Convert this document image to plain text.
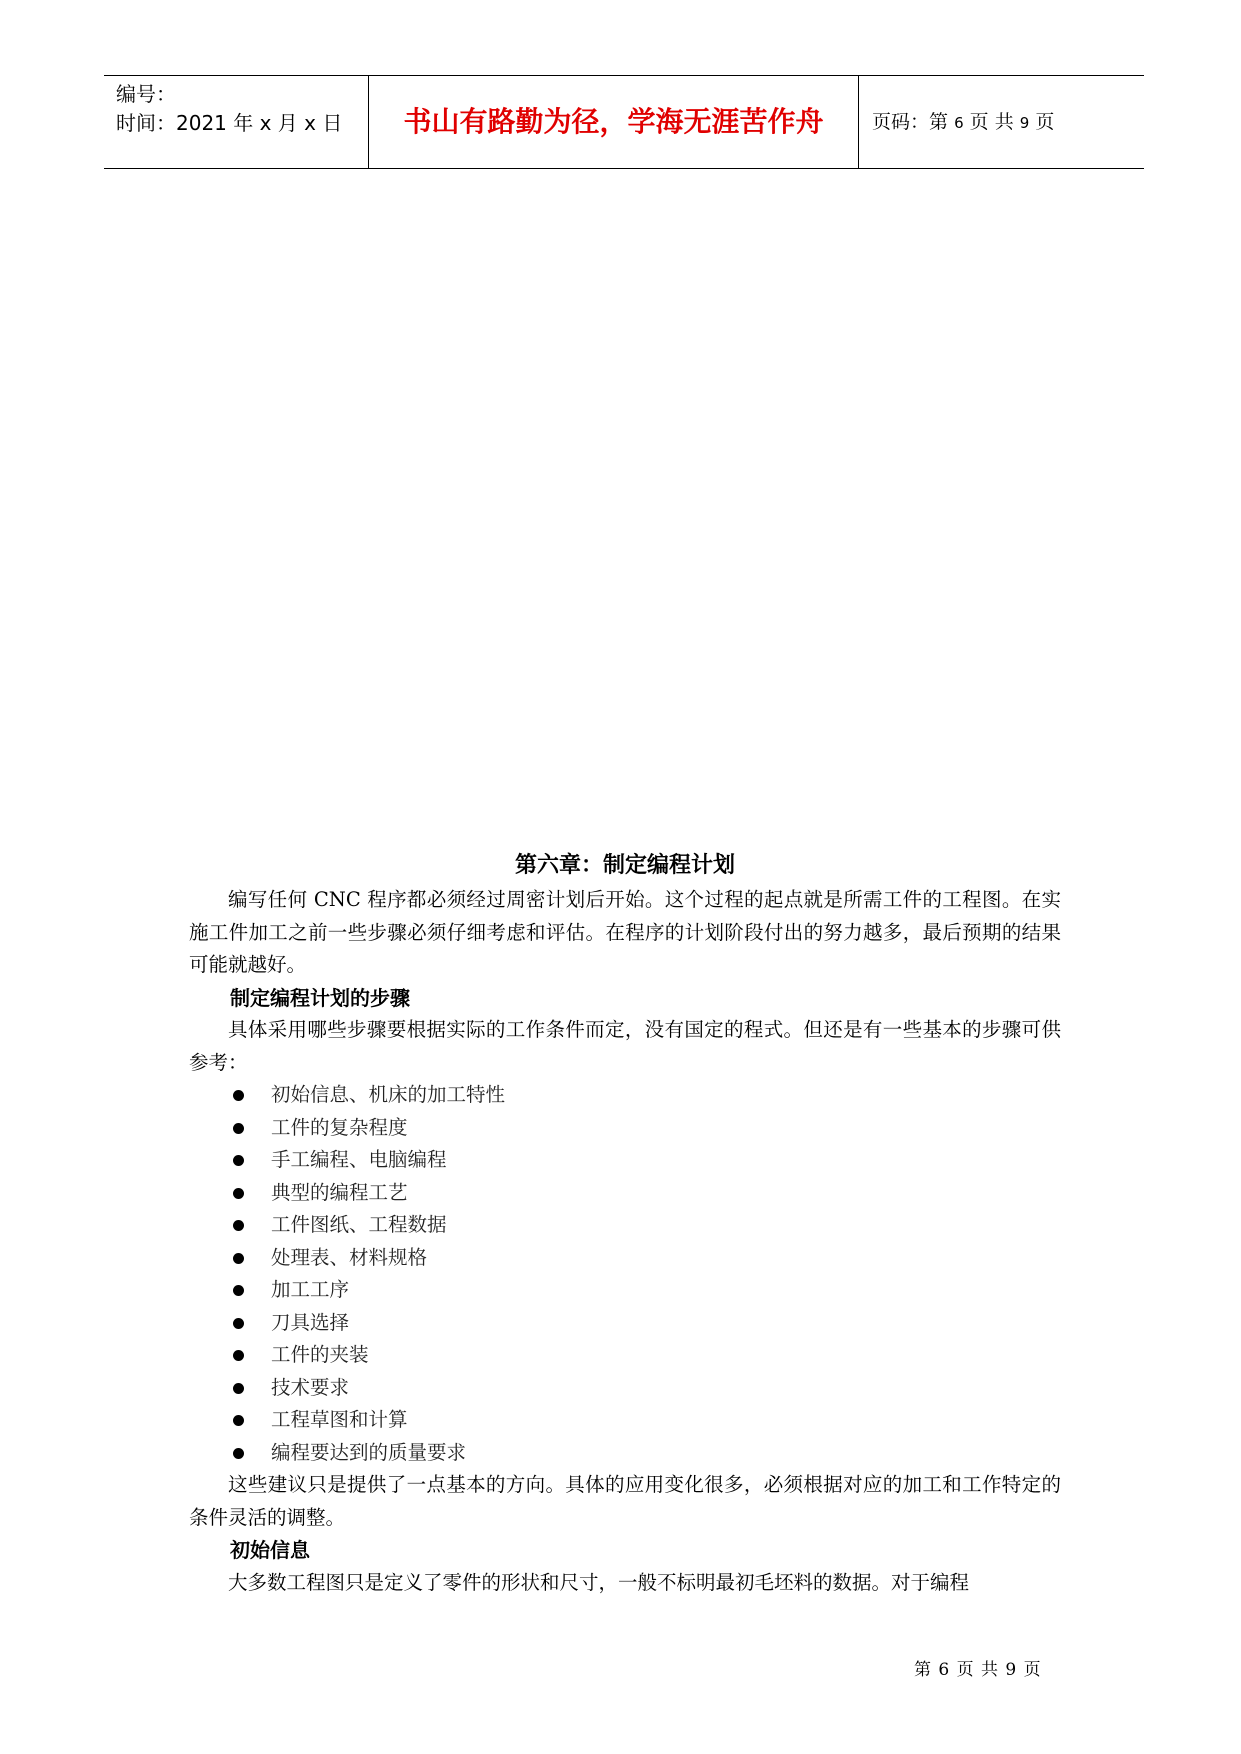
编号：
时间：2021 年 x 月 x 日	书山有路勤为径，学海无涯苦作舟	页码：第 6 页 共 9 页
第六章：制定编程计划

编写任何 CNC 程序都必须经过周密计划后开始。这个过程的起点就是所需工件的工程图。在实施工件加工之前一些步骤必须仔细考虑和评估。在程序的计划阶段付出的努力越多，最后预期的结果可能就越好。

制定编程计划的步骤

具体采用哪些步骤要根据实际的工作条件而定，没有国定的程式。但还是有一些基本的步骤可供参考：

初始信息、机床的加工特性
工件的复杂程度
手工编程、电脑编程
典型的编程工艺
工件图纸、工程数据
处理表、材料规格
加工工序
刀具选择
工件的夹装
技术要求
工程草图和计算
编程要达到的质量要求

这些建议只是提供了一点基本的方向。具体的应用变化很多，必须根据对应的加工和工作特定的条件灵活的调整。

初始信息

大多数工程图只是定义了零件的形状和尺寸，一般不标明最初毛坯料的数据。对于编程

第 6 页 共 9 页
